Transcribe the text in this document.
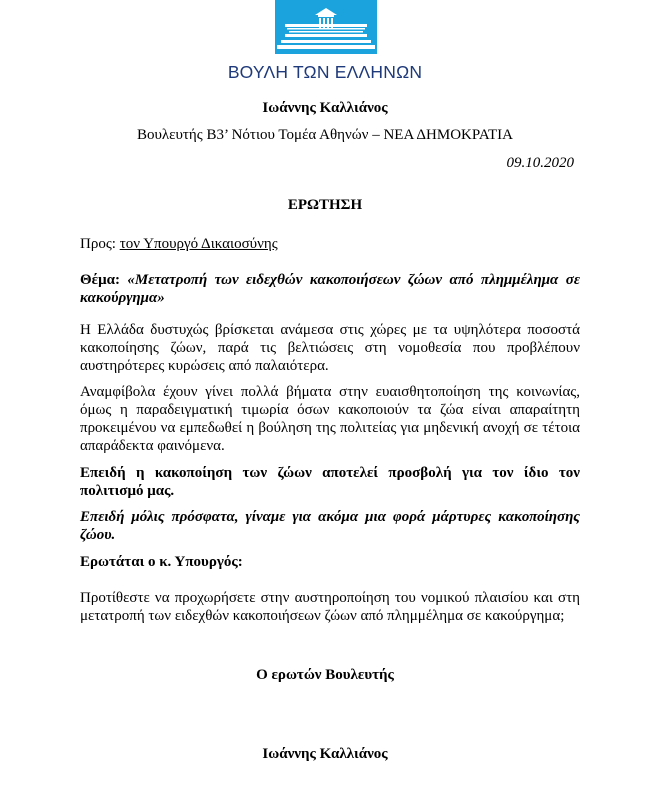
ΒΟΥΛΗ ΤΩΝ ΕΛΛΗΝΩΝ
Ιωάννης Καλλιάνος
Βουλευτής Β3’ Νότιου Τομέα Αθηνών – ΝΕΑ ΔΗΜΟΚΡΑΤΙΑ
09.10.2020
ΕΡΩΤΗΣΗ
Προς: τον Υπουργό Δικαιοσύνης
Θέμα: «Μετατροπή των ειδεχθών κακοποιήσεων ζώων από πλημμέλημα σε κακούργημα»
Η Ελλάδα δυστυχώς βρίσκεται ανάμεσα στις χώρες με τα υψηλότερα ποσοστά κακοποίησης ζώων, παρά τις βελτιώσεις στη νομοθεσία που προβλέπουν αυστηρότερες κυρώσεις από παλαιότερα.
Αναμφίβολα έχουν γίνει πολλά βήματα στην ευαισθητοποίηση της κοινωνίας, όμως η παραδειγματική τιμωρία όσων κακοποιούν τα ζώα είναι απαραίτητη προκειμένου να εμπεδωθεί η βούληση της πολιτείας για μηδενική ανοχή σε τέτοια απαράδεκτα φαινόμενα.
Επειδή η κακοποίηση των ζώων αποτελεί προσβολή για τον ίδιο τον πολιτισμό μας.
Επειδή μόλις πρόσφατα, γίναμε για ακόμα μια φορά μάρτυρες κακοποίησης ζώου.
Ερωτάται ο κ. Υπουργός:
Προτίθεστε να προχωρήσετε στην αυστηροποίηση του νομικού πλαισίου και στη μετατροπή των ειδεχθών κακοποιήσεων ζώων από πλημμέλημα σε κακούργημα;
Ο ερωτών Βουλευτής
Ιωάννης Καλλιάνος
